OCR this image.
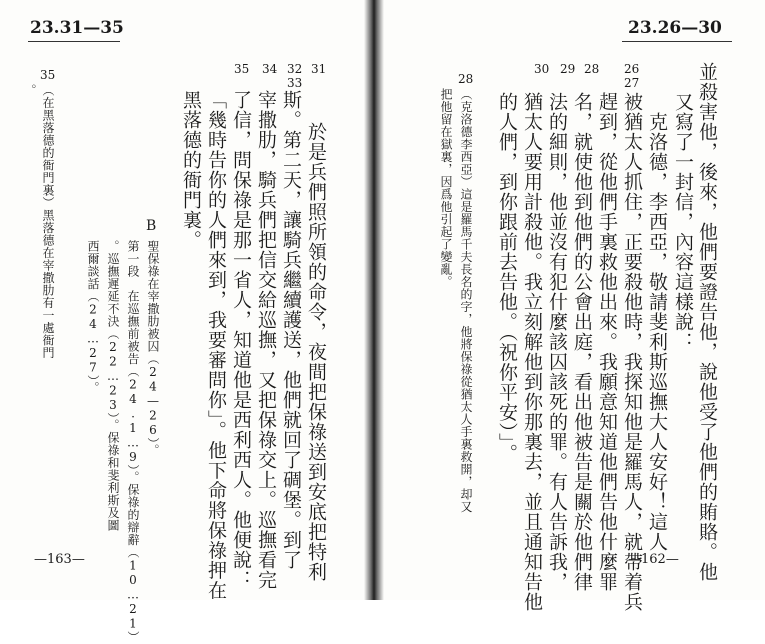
23.31—35
31
32
33
34
35
於是兵們照所領的命令，夜間把保祿送到安底把特利
斯。第二天，讓騎兵繼續護送，他們就回了碉堡。到了
宰撒肋，騎兵們把信交給巡撫，又把保祿交上。巡撫看完
了信，問保祿是那一省人，知道他是西利西人。他便說：
「幾時告你的人們來到，我要審問你」。他下命將保祿押在
黑落德的衙門裏。
B
聖保祿在宰撒肋被囚（24—26）。
第一段　在巡撫前被告（24.1…9）。保祿的辯辭（10…21）
。巡撫遲延不決（22…23）。保祿和斐利斯及圖
西爾談話（24…27）。
35
（在黑落德的衙門裏）黑落德在宰撒肋有一處衙門
。
—163—
23.26—30
26
27
28
29
30	並殺害他，後來，他們要證告他，說他受了他們的賄賂。他
又寫了一封信，內容這樣說：
克洛德，李西亞，敬請斐利斯巡撫大人安好！這人
被猶太人抓住，正要殺他時，我探知他是羅馬人，就帶着兵
趕到，從他們手裏救他出來。我願意知道他們告他什麼罪
名，就使他到他們的公會出庭，看出他被告是關於他們律
法的細則，他並沒有犯什麼該囚該死的罪。有人告訴我，
猶太人要用計殺他。我立刻解他到你那裏去，並且通知告他
的人們，到你跟前去告他。（祝你平安）」。
28
（克洛德李西亞）這是羅馬千夫長名的字，他將保祿從猶太人手裏救開，却又
把他留在獄裏，因爲他引起了變亂。
—162—
